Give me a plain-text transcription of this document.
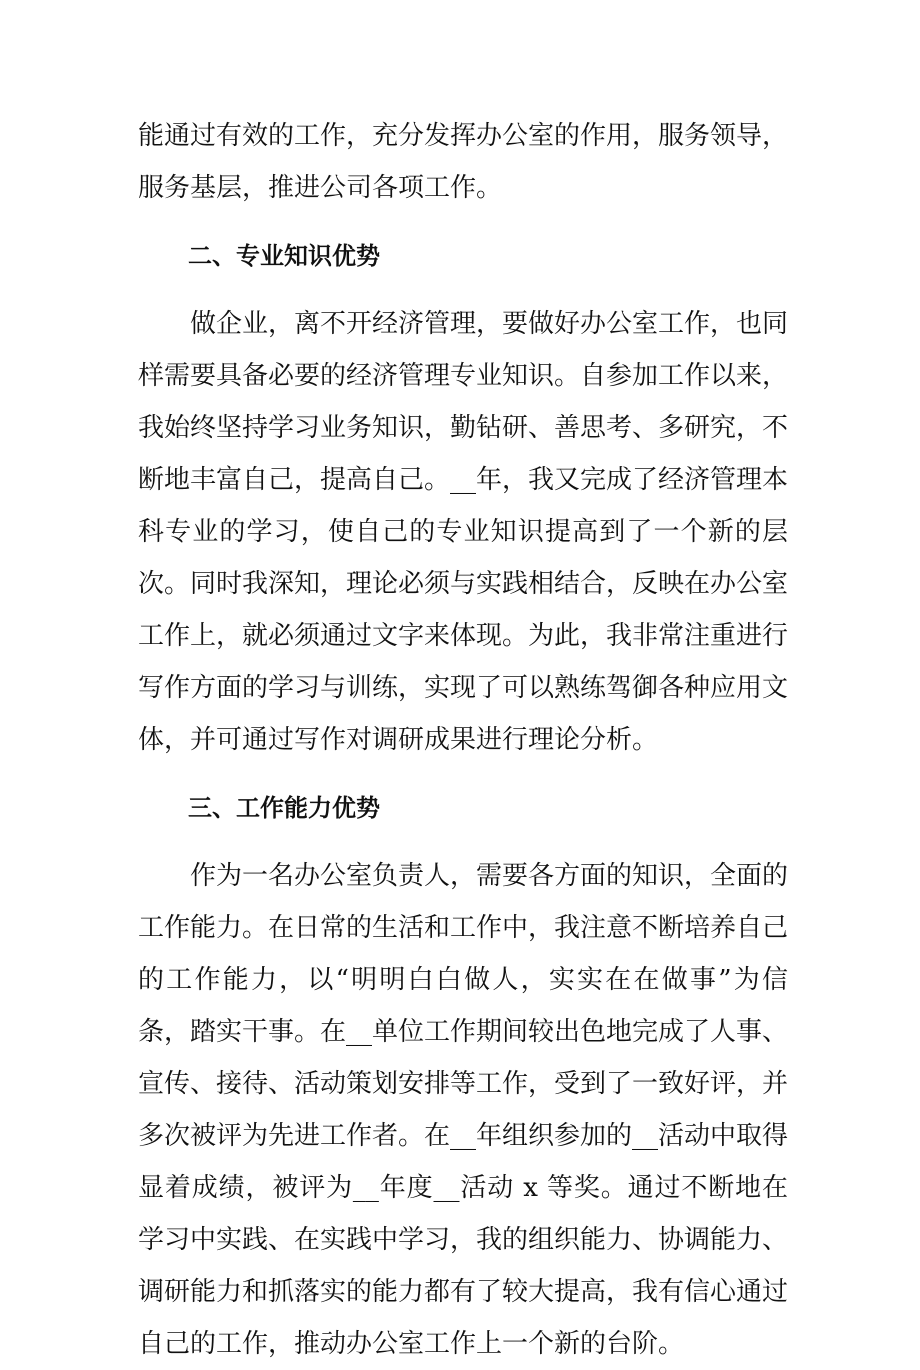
能通过有效的工作，充分发挥办公室的作用，服务领导，服务基层，推进公司各项工作。

二、专业知识优势

做企业，离不开经济管理，要做好办公室工作，也同样需要具备必要的经济管理专业知识。自参加工作以来，我始终坚持学习业务知识，勤钻研、善思考、多研究，不断地丰富自己，提高自己。__年，我又完成了经济管理本科专业的学习，使自己的专业知识提高到了一个新的层次。同时我深知，理论必须与实践相结合，反映在办公室工作上，就必须通过文字来体现。为此，我非常注重进行写作方面的学习与训练，实现了可以熟练驾御各种应用文体，并可通过写作对调研成果进行理论分析。

三、工作能力优势

作为一名办公室负责人，需要各方面的知识，全面的工作能力。在日常的生活和工作中，我注意不断培养自己的工作能力，以“明明白白做人，实实在在做事”为信条，踏实干事。在__单位工作期间较出色地完成了人事、宣传、接待、活动策划安排等工作，受到了一致好评，并多次被评为先进工作者。在__年组织参加的__活动中取得显着成绩，被评为__年度__活动 x 等奖。通过不断地在学习中实践、在实践中学习，我的组织能力、协调能力、调研能力和抓落实的能力都有了较大提高，我有信心通过自己的工作，推动办公室工作上一个新的台阶。
